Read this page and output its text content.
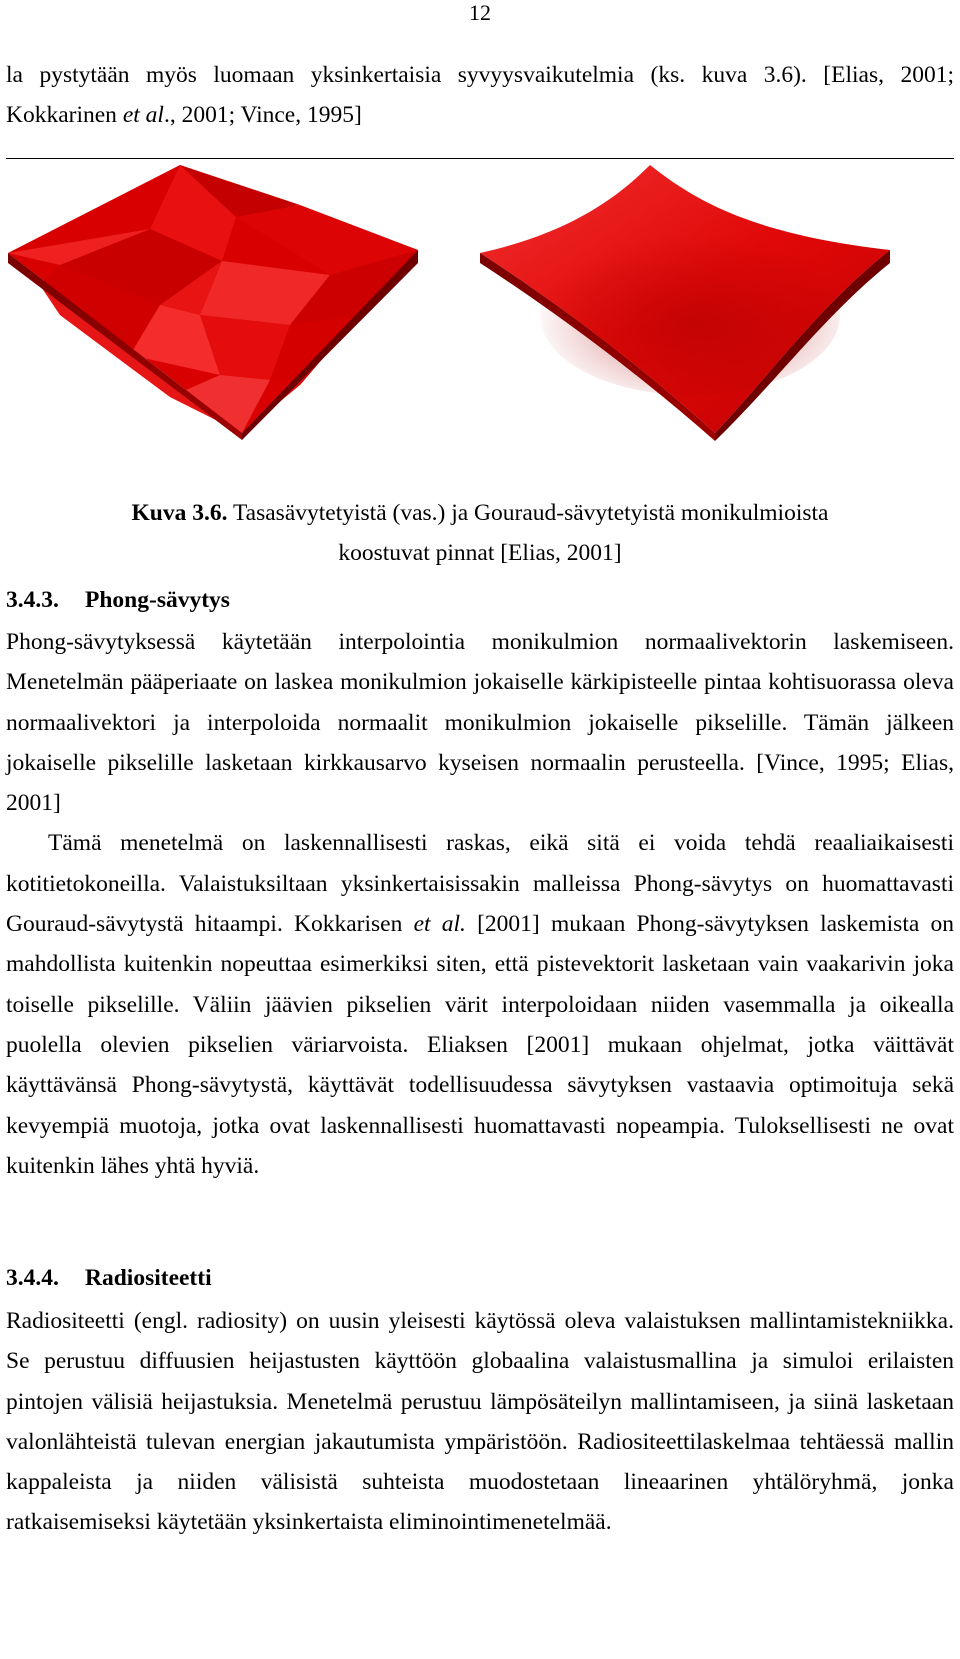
12

la pystytään myös luomaan yksinkertaisia syvyysvaikutelmia (ks. kuva 3.6). [Elias, 2001; Kokkarinen et al., 2001; Vince, 1995]

Kuva 3.6. Tasasävytetyistä (vas.) ja Gouraud-sävytetyistä monikulmioista
koostuvat pinnat [Elias, 2001]
3.4.3. Phong-sävytys

Phong-sävytyksessä käytetään interpolointia monikulmion normaalivektorin laskemiseen. Menetelmän pääperiaate on laskea monikulmion jokaiselle kärkipisteelle pintaa kohtisuorassa oleva normaalivektori ja interpoloida normaalit monikulmion jokaiselle pikselille. Tämän jälkeen jokaiselle pikselille lasketaan kirkkausarvo kyseisen normaalin perusteella. [Vince, 1995; Elias, 2001]

Tämä menetelmä on laskennallisesti raskas, eikä sitä ei voida tehdä reaaliaikaisesti kotitietokoneilla. Valaistuksiltaan yksinkertaisissakin malleissa Phong-sävytys on huomattavasti Gouraud-sävytystä hitaampi. Kokkarisen et al. [2001] mukaan Phong-sävytyksen laskemista on mahdollista kuitenkin nopeuttaa esimerkiksi siten, että pistevektorit lasketaan vain vaakarivin joka toiselle pikselille. Väliin jäävien pikselien värit interpoloidaan niiden vasemmalla ja oikealla puolella olevien pikselien väriarvoista. Eliaksen [2001] mukaan ohjelmat, jotka väittävät käyttävänsä Phong-sävytystä, käyttävät todellisuudessa sävytyksen vastaavia optimoituja sekä kevyempiä muotoja, jotka ovat laskennallisesti huomattavasti nopeampia. Tuloksellisesti ne ovat kuitenkin lähes yhtä hyviä.

3.4.4. Radiositeetti

Radiositeetti (engl. radiosity) on uusin yleisesti käytössä oleva valaistuksen mallintamistekniikka. Se perustuu diffuusien heijastusten käyttöön globaalina valaistusmallina ja simuloi erilaisten pintojen välisiä heijastuksia. Menetelmä perustuu lämpösäteilyn mallintamiseen, ja siinä lasketaan valonlähteistä tulevan energian jakautumista ympäristöön. Radiositeettilaskelmaa tehtäessä mallin kappaleista ja niiden välisistä suhteista muodostetaan lineaarinen yhtälöryhmä, jonka ratkaisemiseksi käytetään yksinkertaista eliminointimenetelmää.
